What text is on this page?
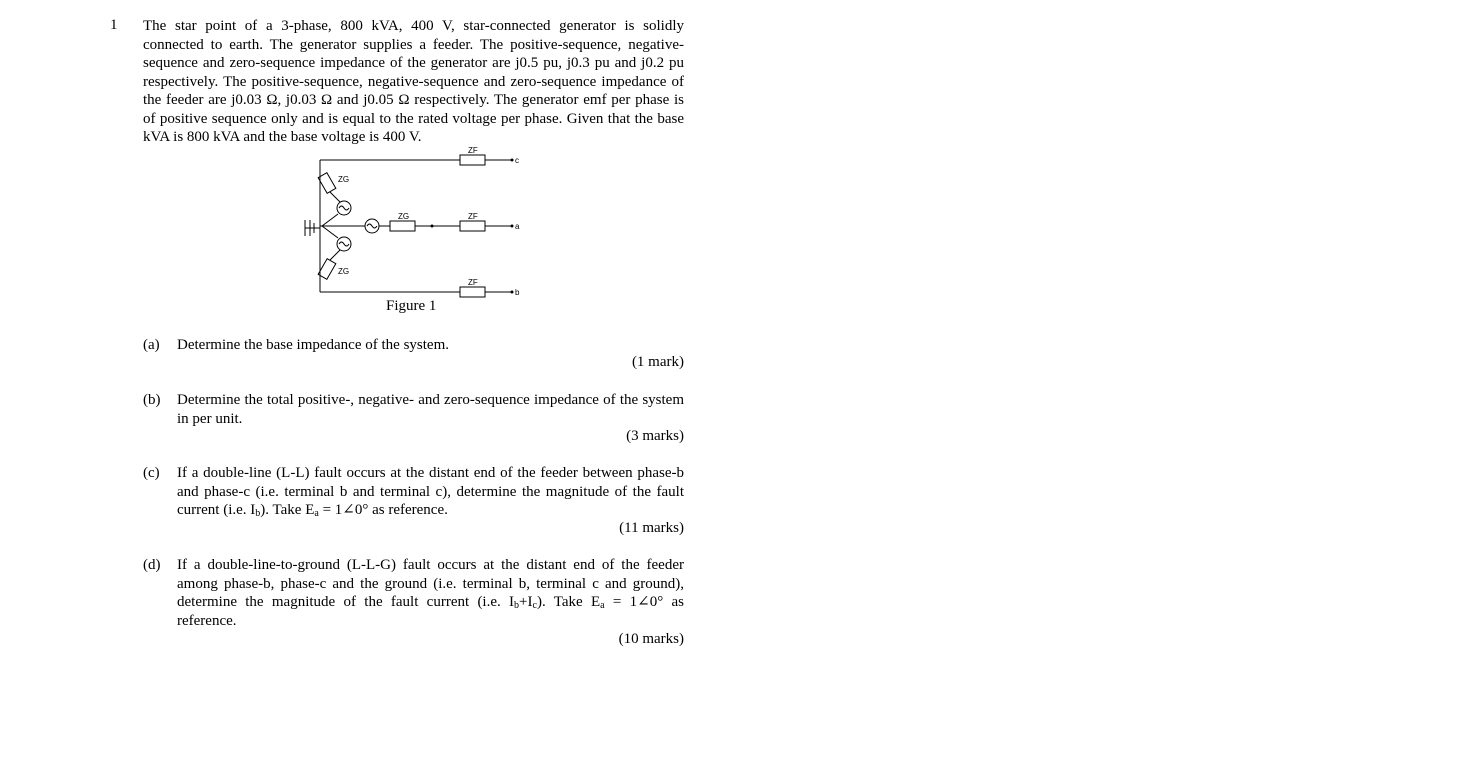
1 The star point of a 3-phase, 800 kVA, 400 V, star-connected generator is solidly connected to earth. The generator supplies a feeder. The positive-sequence, negative-sequence and zero-sequence impedance of the generator are j0.5 pu, j0.3 pu and j0.2 pu respectively. The positive-sequence, negative-sequence and zero-sequence impedance of the feeder are j0.03 Ω, j0.03 Ω and j0.05 Ω respectively. The generator emf per phase is of positive sequence only and is equal to the rated voltage per phase. Given that the base kVA is 800 kVA and the base voltage is 400 V.
ZG
ZG
ZG
ZF
ZF
ZF
c
a
b
Figure 1
(a) Determine the base impedance of the system.
(1 mark)
(b) Determine the total positive-, negative- and zero-sequence impedance of the system in per unit.
(3 marks)
(c) If a double-line (L-L) fault occurs at the distant end of the feeder between phase-b and phase-c (i.e. terminal b and terminal c), determine the magnitude of the fault current (i.e. $I_b$). Take $E_a$ = 1∠0° as reference.
(11 marks)
(d) If a double-line-to-ground (L-L-G) fault occurs at the distant end of the feeder among phase-b, phase-c and the ground (i.e. terminal b, terminal c and ground), determine the magnitude of the fault current (i.e. $I_b+I_c$). Take $E_a$ = 1∠0° as reference.
(10 marks)
